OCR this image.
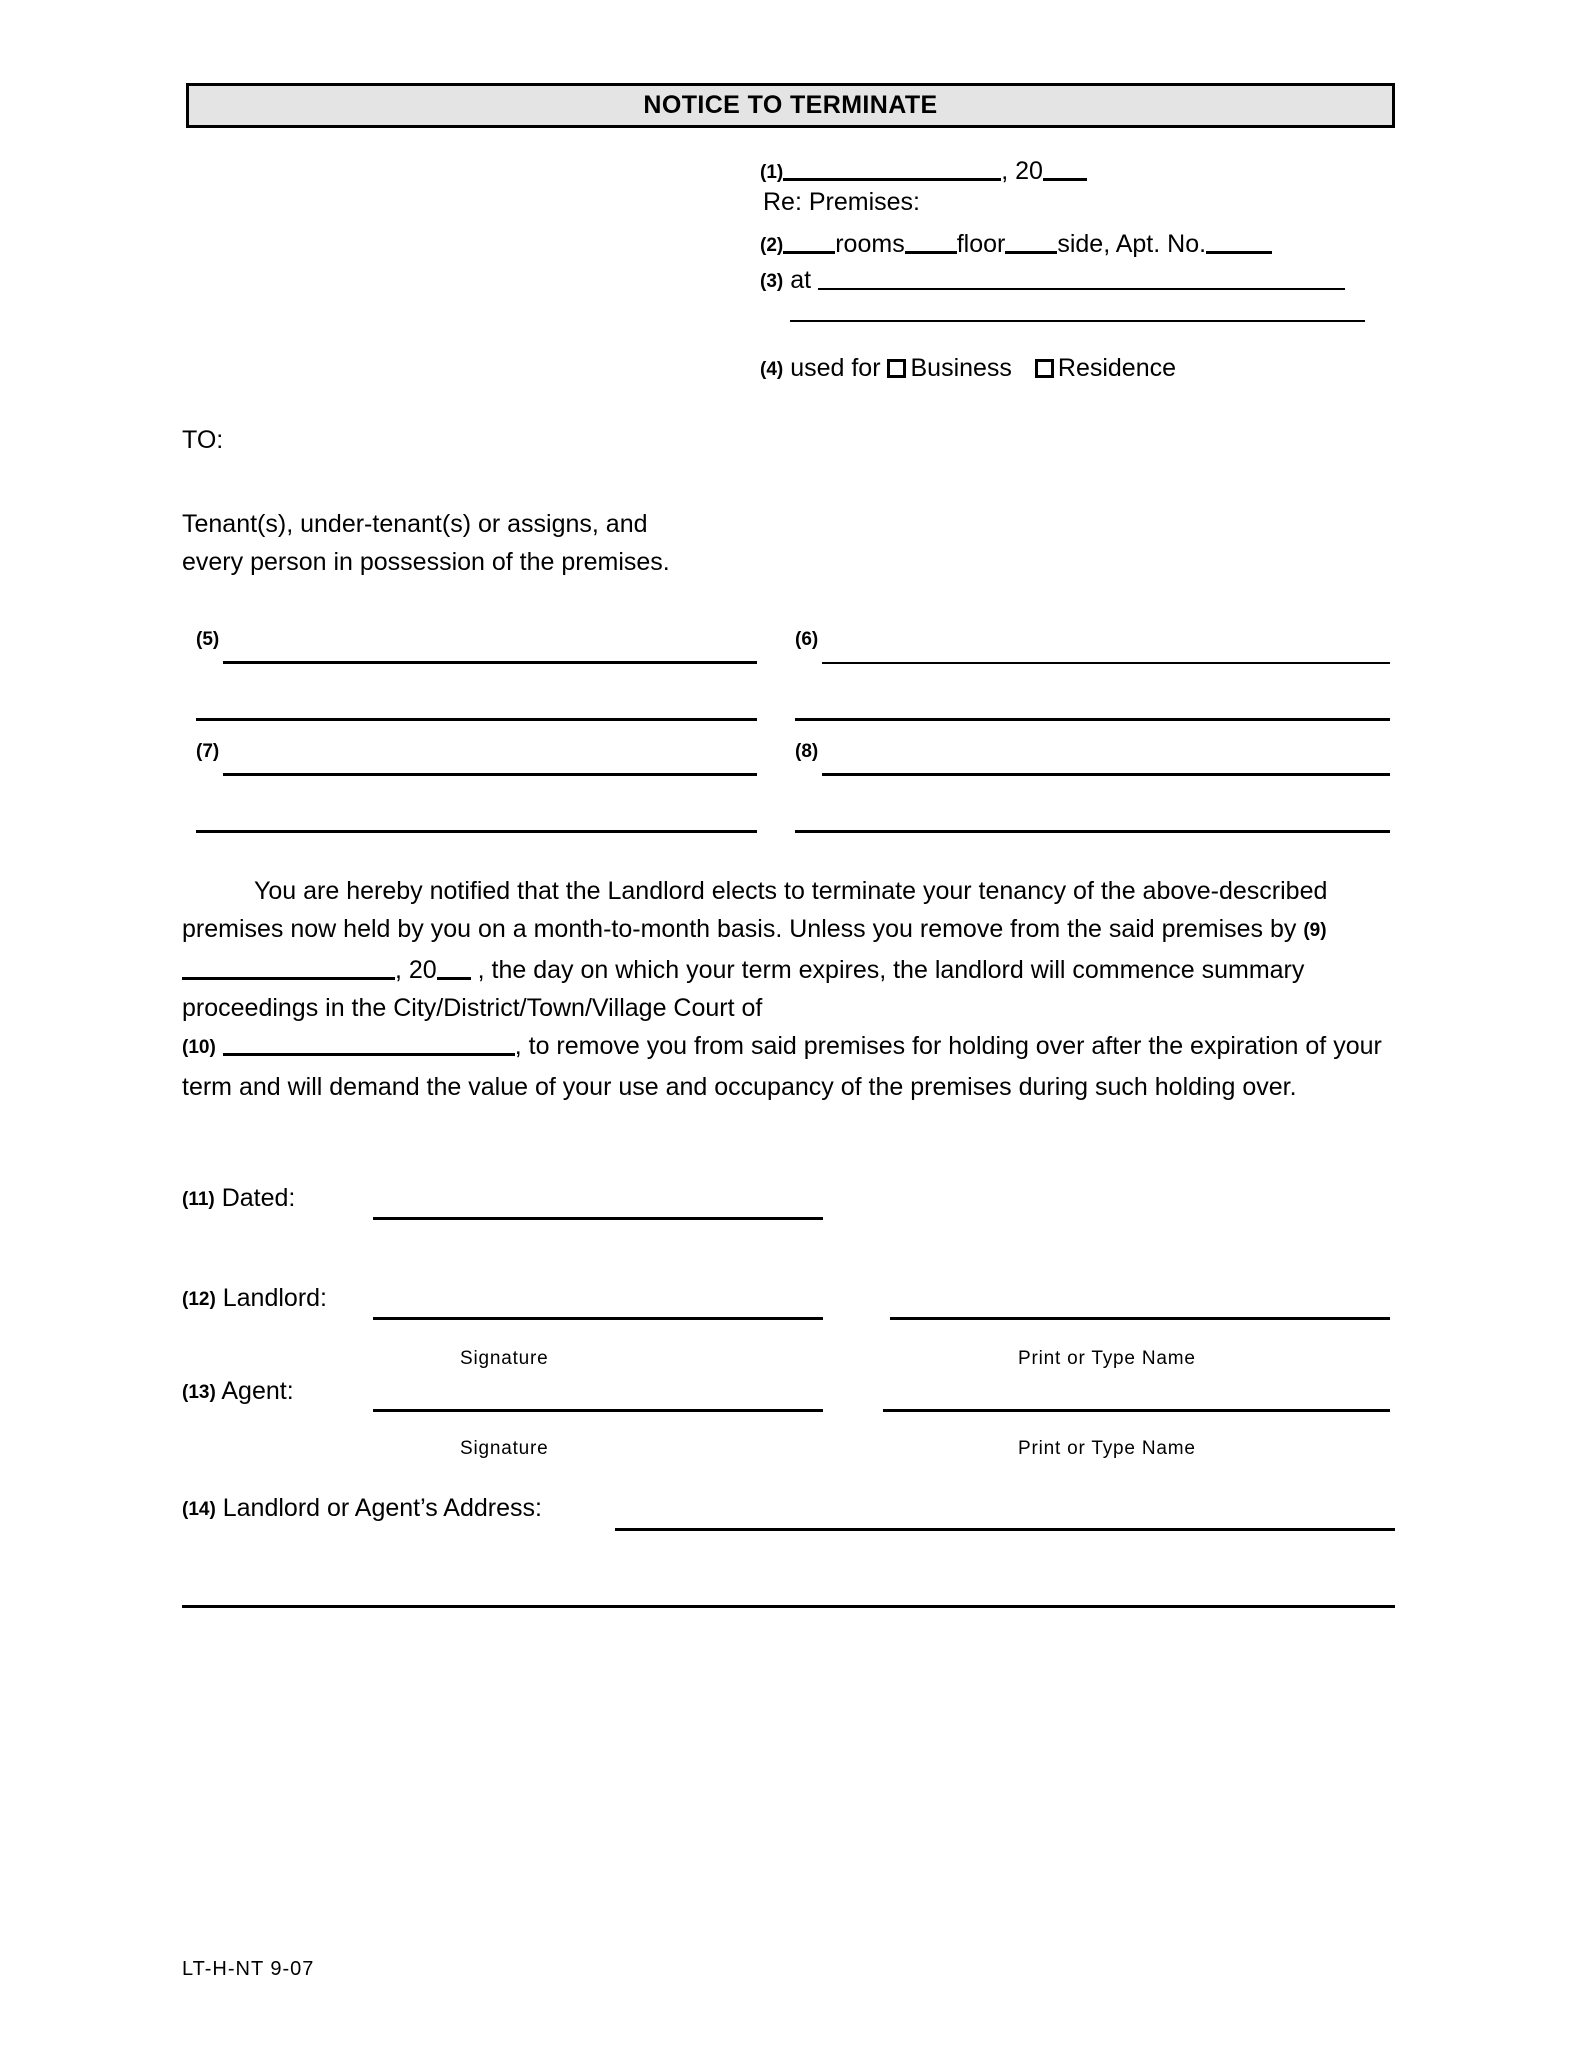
NOTICE TO TERMINATE
(1)	, 20
Re: Premises:
(2) rooms floor side, Apt. No.
(3) at
(4) used for Business Residence
TO:
Tenant(s), under-tenant(s) or assigns, and
every person in possession of the premises.
(5)	(6)
(7)	(8)
You are hereby notified that the Landlord elects to terminate your tenancy of the above-described premises now held by you on a month-to-month basis. Unless you remove from the said premises by (9) , 20 , the day on which your term expires, the landlord will commence summary proceedings in the City/District/Town/Village Court of
(10)	, to remove you from said premises for holding over after the expiration of your term and will demand the value of your use and occupancy of the premises during such holding over.
(11) Dated:
(12) Landlord:
Signature	Print or Type Name
(13) Agent:
Signature	Print or Type Name
(14) Landlord or Agent’s Address:
LT-H-NT 9-07
